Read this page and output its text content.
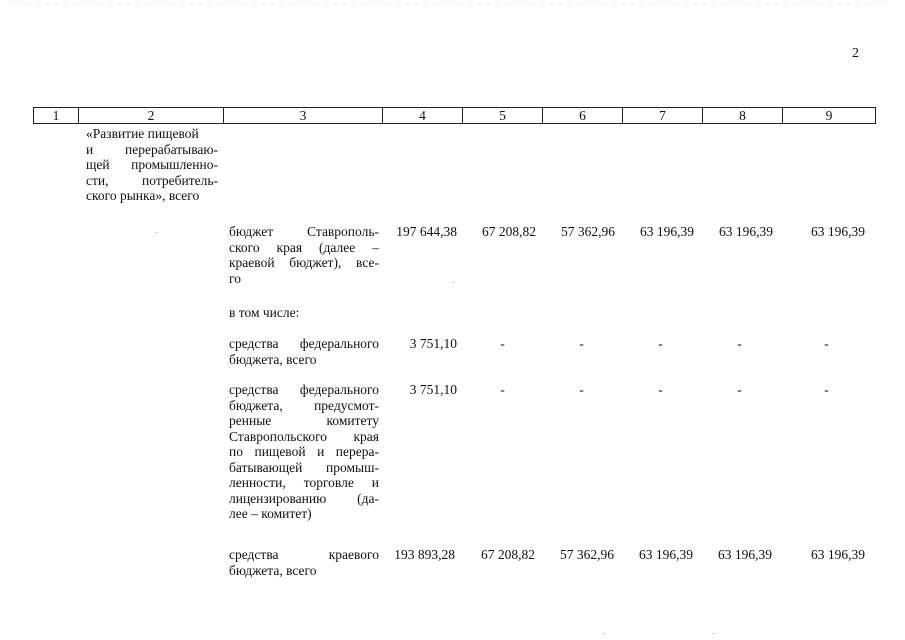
2
1	2	3	4	5	6	7	8	9
«Развитие пищевой
и перерабатываю-
щей промышленно-
сти, потребитель-
ского рынка», всего
бюджет Ставрополь-
ского края (далее –
краевой бюджет), все-
го
197 644,38	67 208,82	57 362,96	63 196,39	63 196,39	63 196,39
в том числе:
средства федерального
бюджета, всего
3 751,10	-	-	-	-	-
средства федерального
бюджета, предусмот-
ренные комитету
Ставропольского края
по пищевой и перера-
батывающей промыш-
ленности, торговле и
лицензированию (да-
лее – комитет)
3 751,10	-	-	-	-	-
средства краевого
бюджета, всего
193 893,28	67 208,82	57 362,96	63 196,39	63 196,39	63 196,39
